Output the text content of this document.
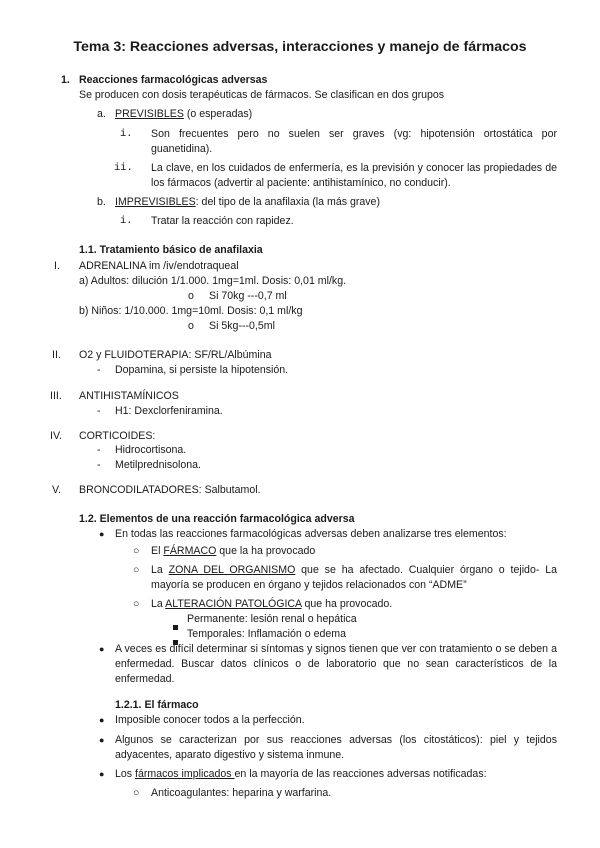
Tema 3: Reacciones adversas, interacciones y manejo de fármacos
1. Reacciones farmacológicas adversas
Se producen con dosis terapéuticas de fármacos. Se clasifican en dos grupos
a. PREVISIBLES (o esperadas)
i. Son frecuentes pero no suelen ser graves (vg: hipotensión ortostática por guanetidina).
ii. La clave, en los cuidados de enfermería, es la previsión y conocer las propiedades de los fármacos (advertir al paciente: antihistamínico, no conducir).
b. IMPREVISIBLES: del tipo de la anafilaxia (la más grave)
i. Tratar la reacción con rapidez.
1.1. Tratamiento básico de anafilaxia
I. ADRENALINA im /iv/endotraqueal
a) Adultos: dilución 1/1.000. 1mg=1ml. Dosis: 0,01 ml/kg.
o Si 70kg ---0,7 ml
b) Niños: 1/10.000. 1mg=10ml. Dosis: 0,1 ml/kg
o Si 5kg---0,5ml
II. O2 y FLUIDOTERAPIA: SF/RL/Albúmina
- Dopamina, si persiste la hipotensión.
III. ANTIHISTAMÍNICOS
- H1: Dexclorfeniramina.
IV. CORTICOIDES:
- Hidrocortisona.
- Metilprednisolona.
V. BRONCODILATADORES: Salbutamol.
1.2. Elementos de una reacción farmacológica adversa
● En todas las reacciones farmacológicas adversas deben analizarse tres elementos:
○ El FÁRMACO que la ha provocado
○ La ZONA DEL ORGANISMO que se ha afectado. Cualquier órgano o tejido- La mayoría se producen en órgano y tejidos relacionados con “ADME”
○ La ALTERACIÓN PATOLÓGICA que ha provocado.
Permanente: lesión renal o hepática
Temporales: Inflamación o edema
● A veces es difícil determinar si síntomas y signos tienen que ver con tratamiento o se deben a enfermedad. Buscar datos clínicos o de laboratorio que no sean característicos de la enfermedad.
1.2.1. El fármaco
● Imposible conocer todos a la perfección.
● Algunos se caracterizan por sus reacciones adversas (los citostáticos): piel y tejidos adyacentes, aparato digestivo y sistema inmune.
● Los fármacos implicados en la mayoría de las reacciones adversas notificadas:
○ Anticoagulantes: heparina y warfarina.
